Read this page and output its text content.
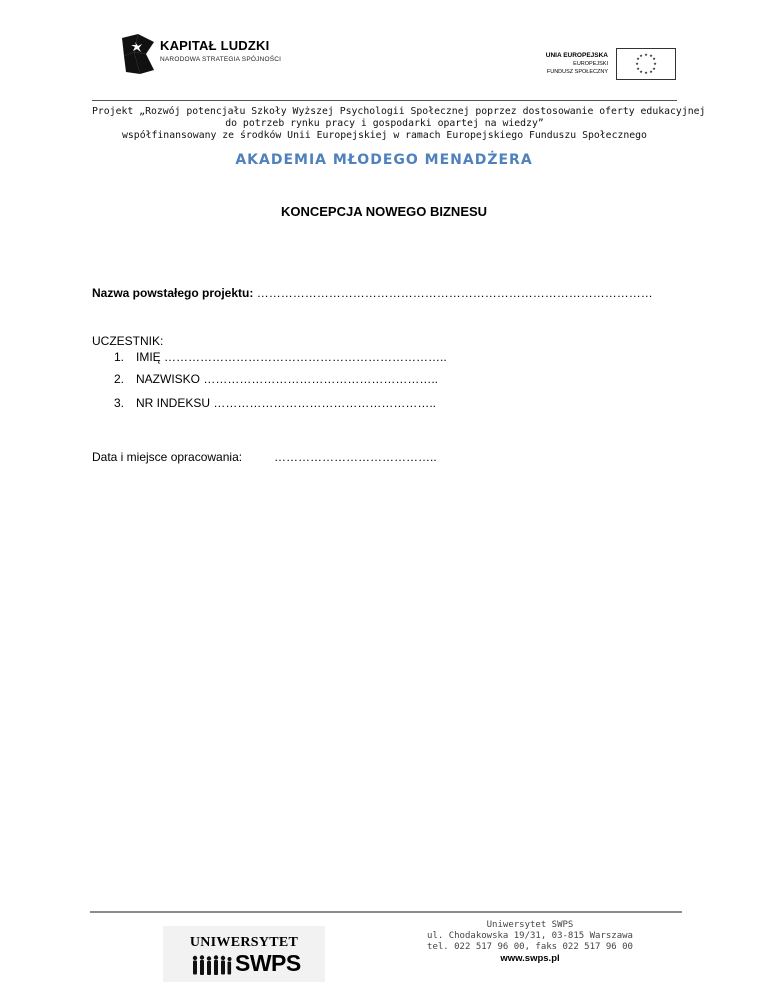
KAPITAŁ LUDZKI
NARODOWA STRATEGIA SPÓJNOŚCI
UNIA EUROPEJSKA
EUROPEJSKI
FUNDUSZ SPOŁECZNY
★ ★
★
★
★
★
★
★
★
★
★
★
Projekt „Rozwój potencjału Szkoły Wyższej Psychologii Społecznej poprzez dostosowanie oferty edukacyjnej
do potrzeb rynku pracy i gospodarki opartej na wiedzy”
współfinansowany ze środków Unii Europejskiej w ramach Europejskiego Funduszu Społecznego
AKADEMIA MŁODEGO MENADŻERA
KONCEPCJA NOWEGO BIZNESU
Nazwa powstałego projektu: ………………………………………………………………………………………
UCZESTNIK:
1. IMIĘ ……………………………………………………………..
2. NAZWISKO …………………………………………………..
3. NR INDEKSU ………………………………………………..
Data i miejsce opracowania:	…………………………………..
UNIWERSYTET
SWPS
Uniwersytet SWPS
ul. Chodakowska 19/31, 03-815 Warszawa
tel. 022 517 96 00, faks 022 517 96 00
www.swps.pl
